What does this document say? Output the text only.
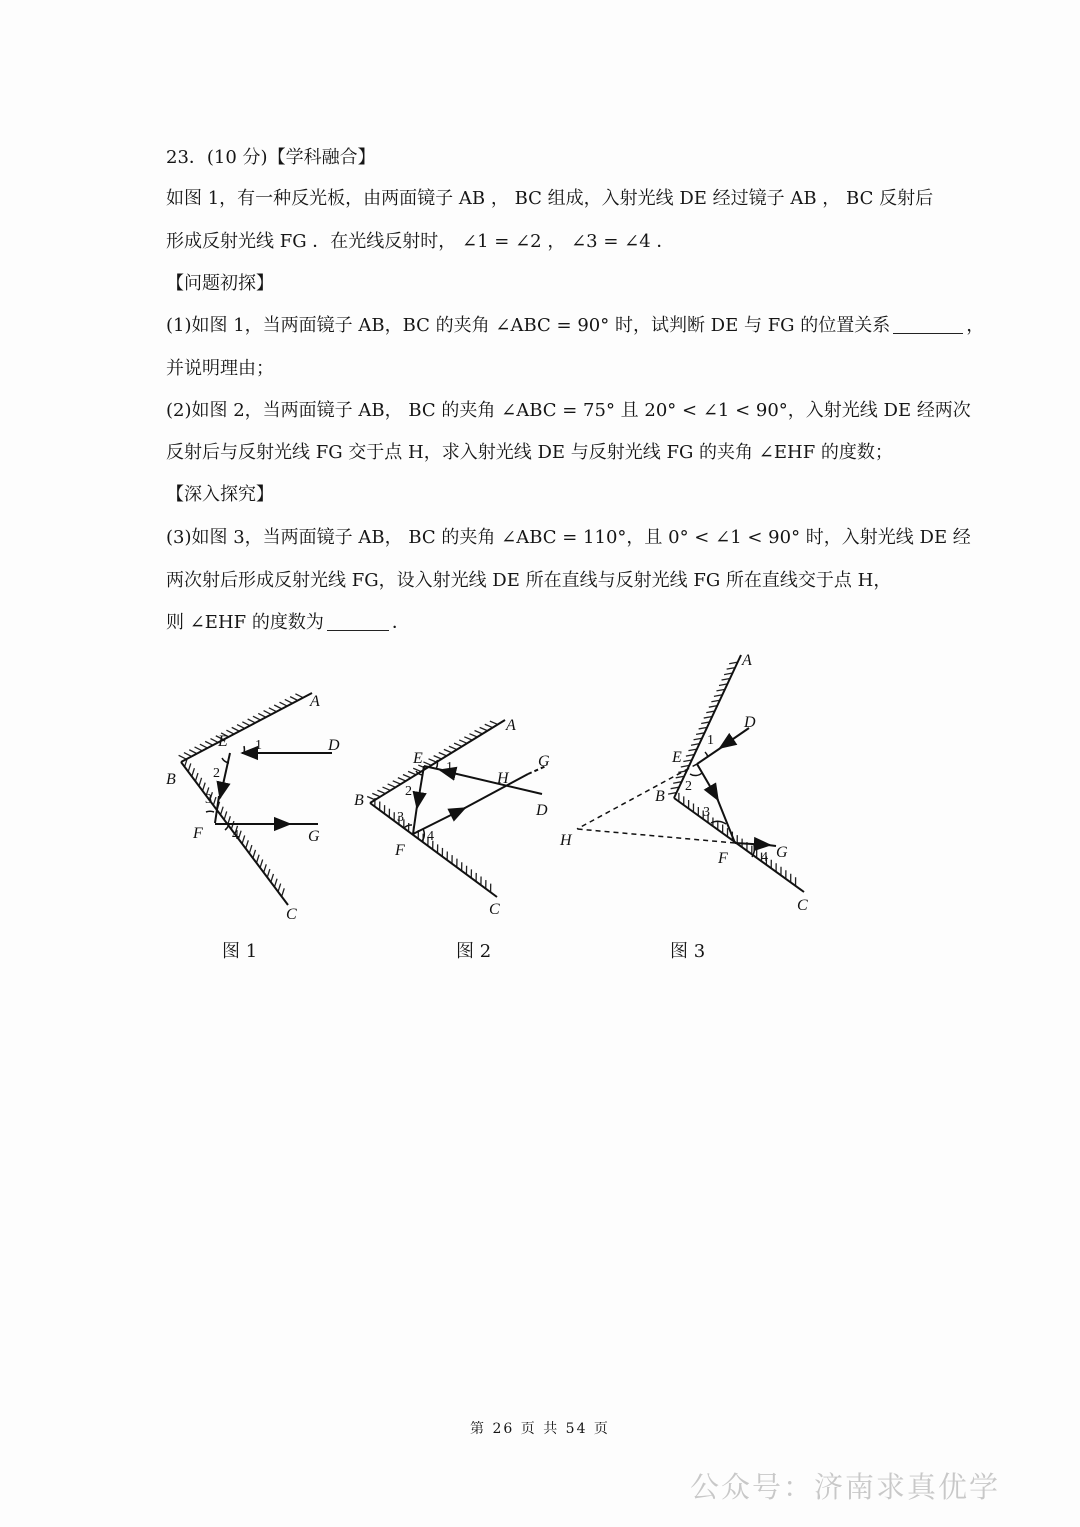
23．(10 分)【学科融合】
如图 1，有一种反光板，由两面镜子 AB ， BC 组成，入射光线 DE 经过镜子 AB ， BC 反射后
形成反射光线 FG ．在光线反射时， ∠1 = ∠2 ， ∠3 = ∠4 ．
【问题初探】
(1)如图 1，当两面镜子 AB，BC 的夹角 ∠ABC = 90° 时，试判断 DE 与 FG 的位置关系	，
并说明理由；
(2)如图 2，当两面镜子 AB， BC 的夹角 ∠ABC = 75° 且 20° < ∠1 < 90°，入射光线 DE 经两次
反射后与反射光线 FG 交于点 H，求入射光线 DE 与反射光线 FG 的夹角 ∠EHF 的度数；
【深入探究】
(3)如图 3，当两面镜子 AB， BC 的夹角 ∠ABC = 110°，且 0° < ∠1 < 90° 时，入射光线 DE 经
两次射后形成反射光线 FG，设入射光线 DE 所在直线与反射光线 FG 所在直线交于点 H，
则 ∠EHF 的度数为	．
A
B
C
D
E
F	G
A
B
C
D
E
F
G
H
A
B
C
D
E
F	G
H
1
2
3
4
1
2
3
4
1
2
3
4
图 1	图 2	图 3
第 26 页 共 54 页
公众号：济南求真优学
